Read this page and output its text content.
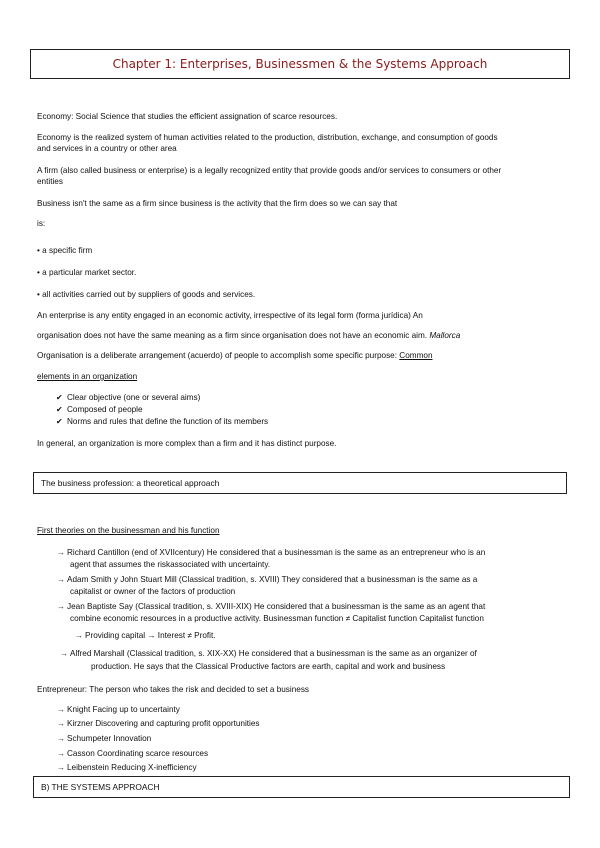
Chapter 1: Enterprises, Businessmen & the Systems Approach
Economy: Social Science that studies the efficient assignation of scarce resources.
Economy is the realized system of human activities related to the production, distribution, exchange, and consumption of goods
and services in a country or other area
A firm (also called business or enterprise) is a legally recognized entity that provide goods and/or services to consumers or other
entities
Business isn't the same as a firm since business is the activity that the firm does so we can say that
is:
• a specific firm
• a particular market sector.
• all activities carried out by suppliers of goods and services.
An enterprise is any entity engaged in an economic activity, irrespective of its legal form (forma jurídica) An
organisation does not have the same meaning as a firm since organisation does not have an economic aim. Mallorca
Organisation is a deliberate arrangement (acuerdo) of people to accomplish some specific purpose: Common
elements in an organization
✔ Clear objective (one or several aims)
✔ Composed of people
✔ Norms and rules that define the function of its members
In general, an organization is more complex than a firm and it has distinct purpose.
The business profession: a theoretical approach
First theories on the businessman and his function
→ Richard Cantillon (end of XVIIcentury) He considered that a businessman is the same as an entrepreneur who is an
agent that assumes the riskassociated with uncertainty.
→ Adam Smith y John Stuart Mill (Classical tradition, s. XVIII) They considered that a businessman is the same as a
capitalist or owner of the factors of production
→ Jean Baptiste Say (Classical tradition, s. XVIII-XIX) He considered that a businessman is the same as an agent that
combine economic resources in a productive activity. Businessman function ≠ Capitalist function Capitalist function
→ Providing capital → Interest ≠ Profit.
→ Alfred Marshall (Classical tradition, s. XIX-XX) He considered that a businessman is the same as an organizer of
production. He says that the Classical Productive factors are earth, capital and work and business
Entrepreneur: The person who takes the risk and decided to set a business
→ Knight Facing up to uncertainty
→ Kirzner Discovering and capturing profit opportunities
→ Schumpeter Innovation
→ Casson Coordinating scarce resources
→ Leibenstein Reducing X-inefficiency
B) THE SYSTEMS APPROACH
